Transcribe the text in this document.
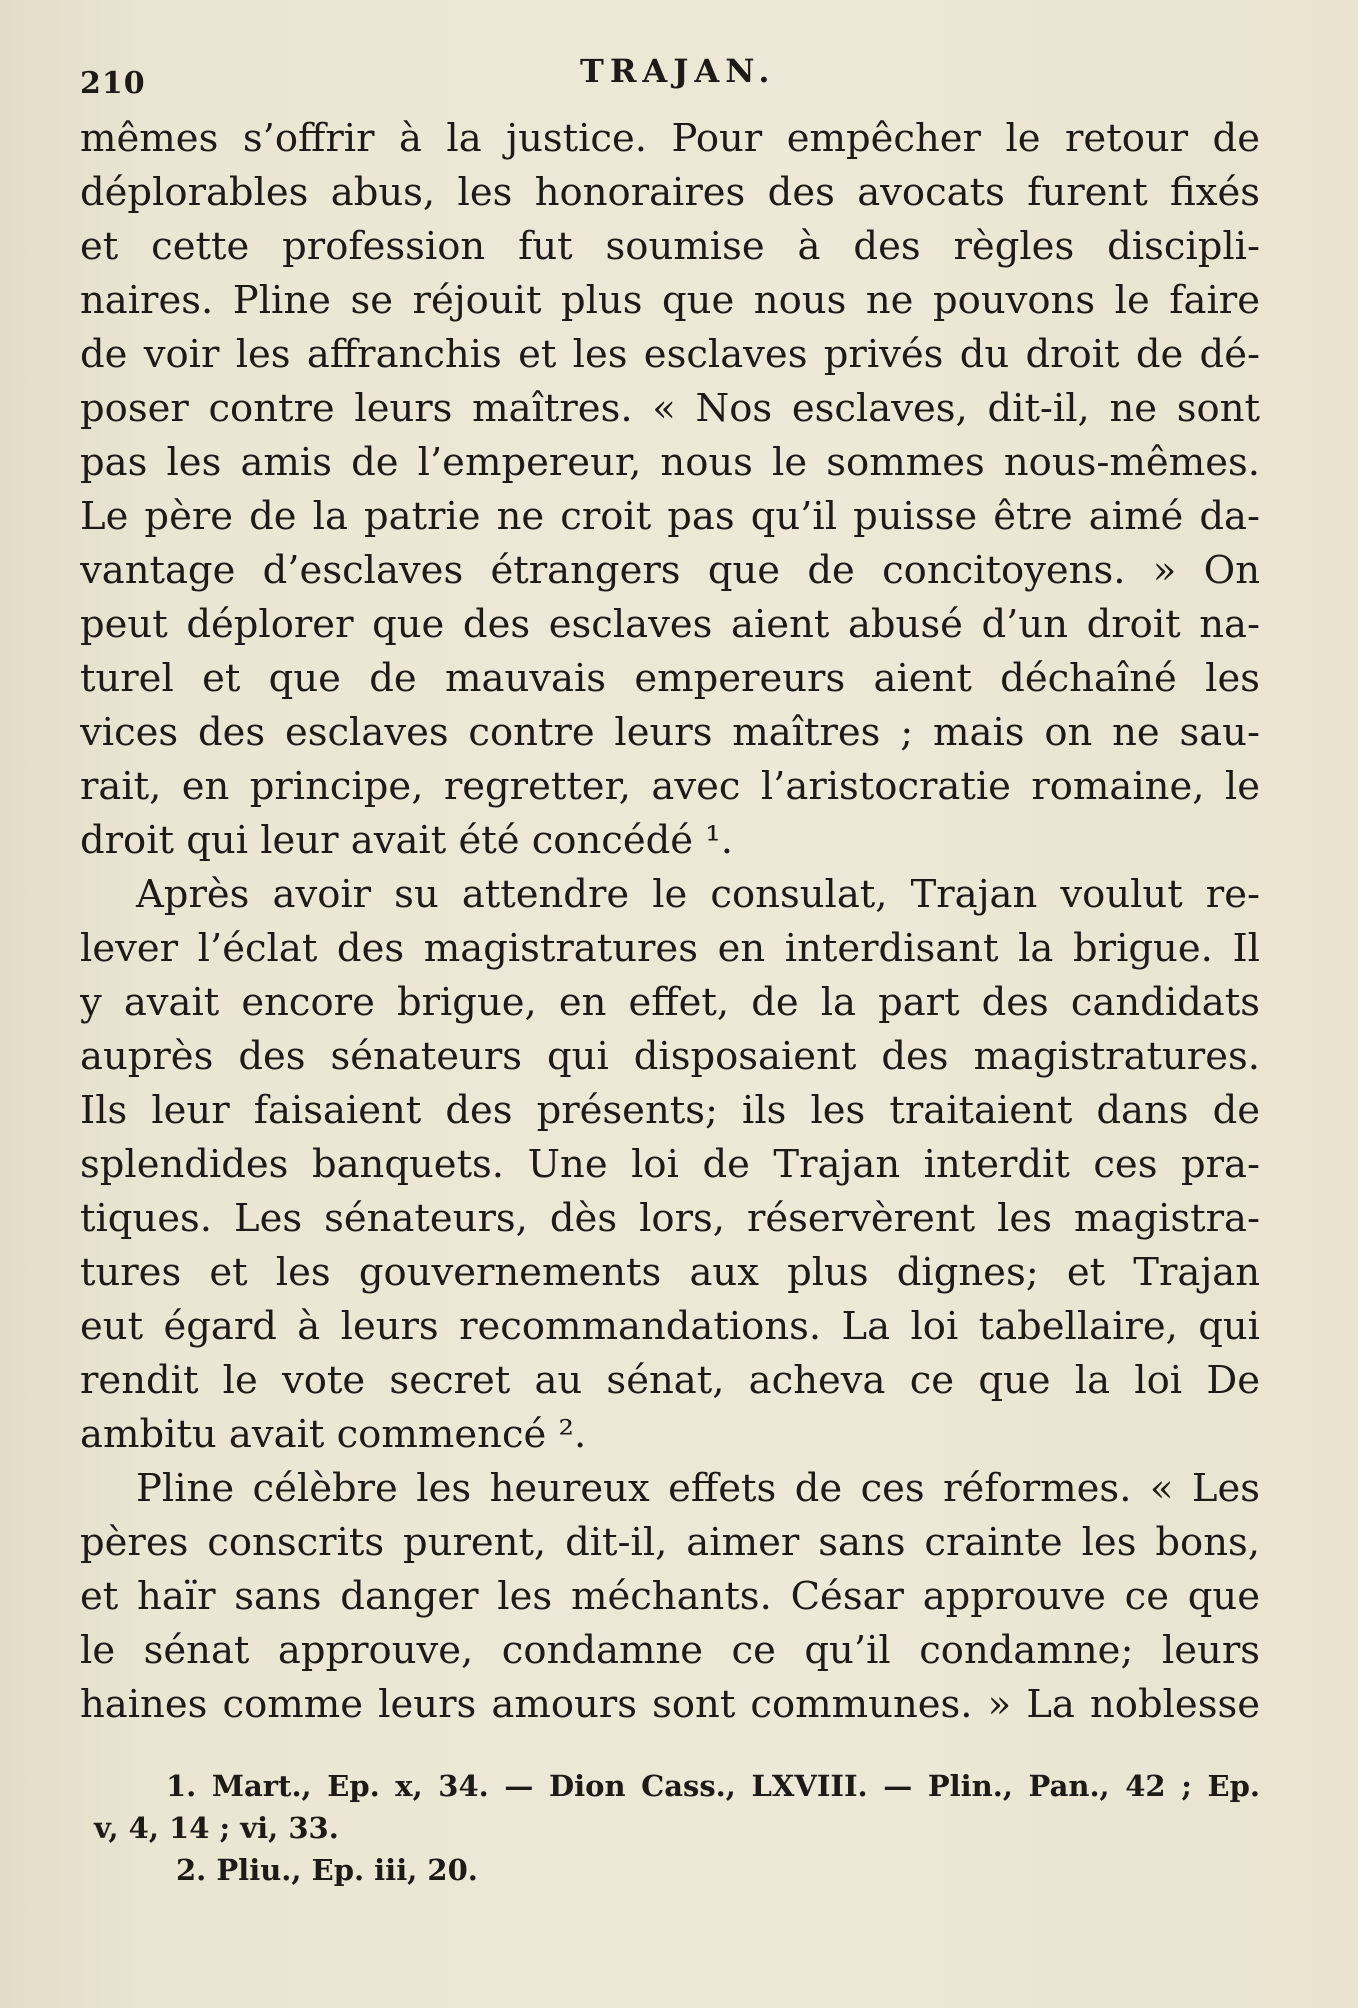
210	TRAJAN.
mêmes s’offrir à la justice. Pour empêcher le retour de
déplorables abus, les honoraires des avocats furent fixés
et cette profession fut soumise à des règles discipli-
naires. Pline se réjouit plus que nous ne pouvons le faire
de voir les affranchis et les esclaves privés du droit de dé-
poser contre leurs maîtres. « Nos esclaves, dit-il, ne sont
pas les amis de l’empereur, nous le sommes nous-mêmes.
Le père de la patrie ne croit pas qu’il puisse être aimé da-
vantage d’esclaves étrangers que de concitoyens. » On
peut déplorer que des esclaves aient abusé d’un droit na-
turel et que de mauvais empereurs aient déchaîné les
vices des esclaves contre leurs maîtres ; mais on ne sau-
rait, en principe, regretter, avec l’aristocratie romaine, le
droit qui leur avait été concédé ¹.
Après avoir su attendre le consulat, Trajan voulut re-
lever l’éclat des magistratures en interdisant la brigue. Il
y avait encore brigue, en effet, de la part des candidats
auprès des sénateurs qui disposaient des magistratures.
Ils leur faisaient des présents; ils les traitaient dans de
splendides banquets. Une loi de Trajan interdit ces pra-
tiques. Les sénateurs, dès lors, réservèrent les magistra-
tures et les gouvernements aux plus dignes; et Trajan
eut égard à leurs recommandations. La loi tabellaire, qui
rendit le vote secret au sénat, acheva ce que la loi De
ambitu avait commencé ².
Pline célèbre les heureux effets de ces réformes. « Les
pères conscrits purent, dit-il, aimer sans crainte les bons,
et haïr sans danger les méchants. César approuve ce que
le sénat approuve, condamne ce qu’il condamne; leurs
haines comme leurs amours sont communes. » La noblesse
1. Mart., Ep. x, 34. — Dion Cass., LXVIII. — Plin., Pan., 42 ; Ep.
v, 4, 14 ; vi, 33.
2. Pliu., Ep. iii, 20.
